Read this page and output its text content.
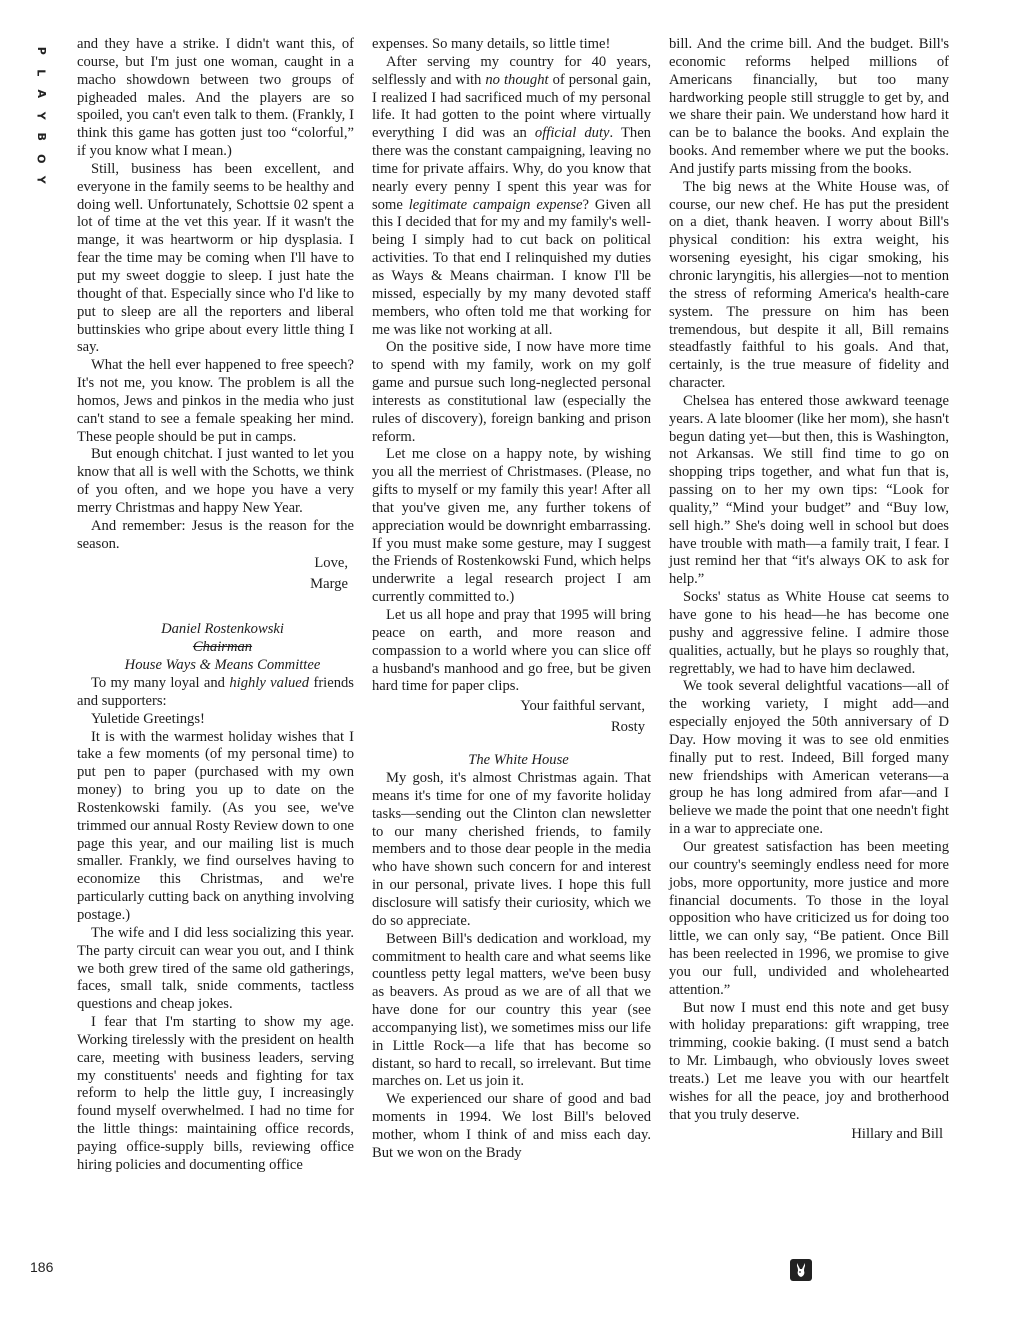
P
L
A
Y
B
O
Y
186

and they have a strike. I didn't want this, of course, but I'm just one woman, caught in a macho showdown between two groups of pigheaded males. And the players are so spoiled, you can't even talk to them. (Frankly, I think this game has gotten just too “colorful,” if you know what I mean.)

Still, business has been excellent, and everyone in the family seems to be healthy and doing well. Unfortunately, Schottsie 02 spent a lot of time at the vet this year. If it wasn't the mange, it was heartworm or hip dysplasia. I fear the time may be coming when I'll have to put my sweet doggie to sleep. I just hate the thought of that. Especially since who I'd like to put to sleep are all the reporters and liberal buttinskies who gripe about every little thing I say.

What the hell ever happened to free speech? It's not me, you know. The problem is all the homos, Jews and pinkos in the media who just can't stand to see a female speaking her mind. These people should be put in camps.

But enough chitchat. I just wanted to let you know that all is well with the Schotts, we think of you often, and we hope you have a very merry Christmas and happy New Year.

And remember: Jesus is the reason for the season.

Love,
Marge

Daniel Rostenkowski

Chairman

House Ways & Means Committee

To my many loyal and highly valued friends and supporters:

Yuletide Greetings!

It is with the warmest holiday wishes that I take a few moments (of my personal time) to put pen to paper (purchased with my own money) to bring you up to date on the Rostenkowski family. (As you see, we've trimmed our annual Rosty Review down to one page this year, and our mailing list is much smaller. Frankly, we find ourselves having to economize this Christmas, and we're particularly cutting back on anything involving postage.)

The wife and I did less socializing this year. The party circuit can wear you out, and I think we both grew tired of the same old gatherings, faces, small talk, snide comments, tactless questions and cheap jokes.

I fear that I'm starting to show my age. Working tirelessly with the president on health care, meeting with business leaders, serving my constituents' needs and fighting for tax reform to help the little guy, I increasingly found myself overwhelmed. I had no time for the little things: maintaining office records, paying office-supply bills, reviewing office hiring policies and documenting office

expenses. So many details, so little time!

After serving my country for 40 years, selflessly and with no thought of personal gain, I realized I had sacrificed much of my personal life. It had gotten to the point where virtually everything I did was an official duty. Then there was the constant campaigning, leaving no time for private affairs. Why, do you know that nearly every penny I spent this year was for some legitimate campaign expense? Given all this I decided that for my and my family's well-being I simply had to cut back on political activities. To that end I relinquished my duties as Ways & Means chairman. I know I'll be missed, especially by my many devoted staff members, who often told me that working for me was like not working at all.

On the positive side, I now have more time to spend with my family, work on my golf game and pursue such long-neglected personal interests as constitutional law (especially the rules of discovery), foreign banking and prison reform.

Let me close on a happy note, by wishing you all the merriest of Christmases. (Please, no gifts to myself or my family this year! After all that you've given me, any further tokens of appreciation would be downright embarrassing. If you must make some gesture, may I suggest the Friends of Rostenkowski Fund, which helps underwrite a legal research project I am currently committed to.)

Let us all hope and pray that 1995 will bring peace on earth, and more reason and compassion to a world where you can slice off a husband's manhood and go free, but be given hard time for paper clips.

Your faithful servant,
Rosty

The White House

My gosh, it's almost Christmas again. That means it's time for one of my favorite holiday tasks—sending out the Clinton clan newsletter to our many cherished friends, to family members and to those dear people in the media who have shown such concern for and interest in our personal, private lives. I hope this full disclosure will satisfy their curiosity, which we do so appreciate.

Between Bill's dedication and workload, my commitment to health care and what seems like countless petty legal matters, we've been busy as beavers. As proud as we are of all that we have done for our country this year (see accompanying list), we sometimes miss our life in Little Rock—a life that has become so distant, so hard to recall, so irrelevant. But time marches on. Let us join it.

We experienced our share of good and bad moments in 1994. We lost Bill's beloved mother, whom I think of and miss each day. But we won on the Brady

bill. And the crime bill. And the budget. Bill's economic reforms helped millions of Americans financially, but too many hardworking people still struggle to get by, and we share their pain. We understand how hard it can be to balance the books. And explain the books. And remember where we put the books. And justify parts missing from the books.

The big news at the White House was, of course, our new chef. He has put the president on a diet, thank heaven. I worry about Bill's physical condition: his extra weight, his worsening eyesight, his cigar smoking, his chronic laryngitis, his allergies—not to mention the stress of reforming America's health-care system. The pressure on him has been tremendous, but despite it all, Bill remains steadfastly faithful to his goals. And that, certainly, is the true measure of fidelity and character.

Chelsea has entered those awkward teenage years. A late bloomer (like her mom), she hasn't begun dating yet—but then, this is Washington, not Arkansas. We still find time to go on shopping trips together, and what fun that is, passing on to her my own tips: “Look for quality,” “Mind your budget” and “Buy low, sell high.” She's doing well in school but does have trouble with math—a family trait, I fear. I just remind her that “it's always OK to ask for help.”

Socks' status as White House cat seems to have gone to his head—he has become one pushy and aggressive feline. I admire those qualities, actually, but he plays so roughly that, regrettably, we had to have him declawed.

We took several delightful vacations—all of the working variety, I might add—and especially enjoyed the 50th anniversary of D Day. How moving it was to see old enmities finally put to rest. Indeed, Bill forged many new friendships with American veterans—a group he has long admired from afar—and I believe we made the point that one needn't fight in a war to appreciate one.

Our greatest satisfaction has been meeting our country's seemingly endless need for more jobs, more opportunity, more justice and more financial documents. To those in the loyal opposition who have criticized us for doing too little, we can only say, “Be patient. Once Bill has been reelected in 1996, we promise to give you our full, undivided and wholehearted attention.”

But now I must end this note and get busy with holiday preparations: gift wrapping, tree trimming, cookie baking. (I must send a batch to Mr. Limbaugh, who obviously loves sweet treats.) Let me leave you with our heartfelt wishes for all the peace, joy and brotherhood that you truly deserve.

Hillary and Bill
